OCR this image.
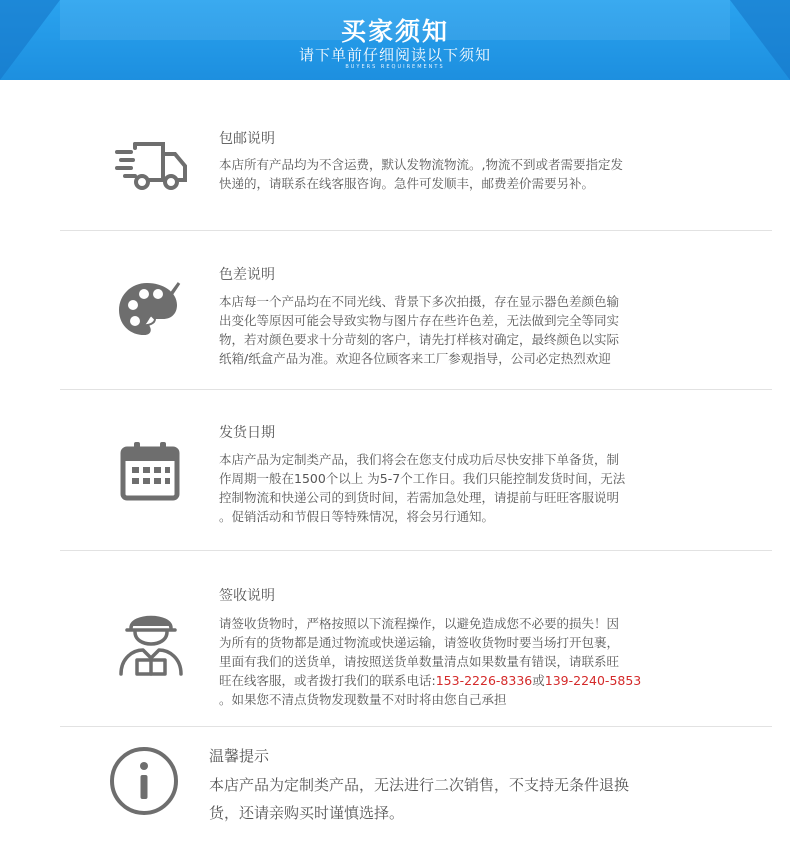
买家须知
请下单前仔细阅读以下须知
BUYERS REQUIREMENTS
包邮说明

本店所有产品均为不含运费，默认发物流物流。,物流不到或者需要指定发

快递的，请联系在线客服咨询。急件可发顺丰，邮费差价需要另补。

色差说明

本店每一个产品均在不同光线、背景下多次拍摄，存在显示器色差颜色输

出变化等原因可能会导致实物与图片存在些许色差，无法做到完全等同实

物，若对颜色要求十分苛刻的客户，请先打样核对确定，最终颜色以实际

纸箱/纸盒产品为准。欢迎各位顾客来工厂参观指导，公司必定热烈欢迎

发货日期

本店产品为定制类产品，我们将会在您支付成功后尽快安排下单备货，制

作周期一般在1500个以上 为5-7个工作日。我们只能控制发货时间，无法

控制物流和快递公司的到货时间，若需加急处理，请提前与旺旺客服说明

。促销活动和节假日等特殊情况，将会另行通知。

签收说明

请签收货物时，严格按照以下流程操作，以避免造成您不必要的损失！因

为所有的货物都是通过物流或快递运输，请签收货物时要当场打开包裹，

里面有我们的送货单，请按照送货单数量清点如果数量有错误，请联系旺

旺在线客服，或者拨打我们的联系电话:153-2226-8336或139-2240-5853

。如果您不清点货物发现数量不对时将由您自己承担

温馨提示

本店产品为定制类产品，无法进行二次销售，不支持无条件退换

货，还请亲购买时谨慎选择。
